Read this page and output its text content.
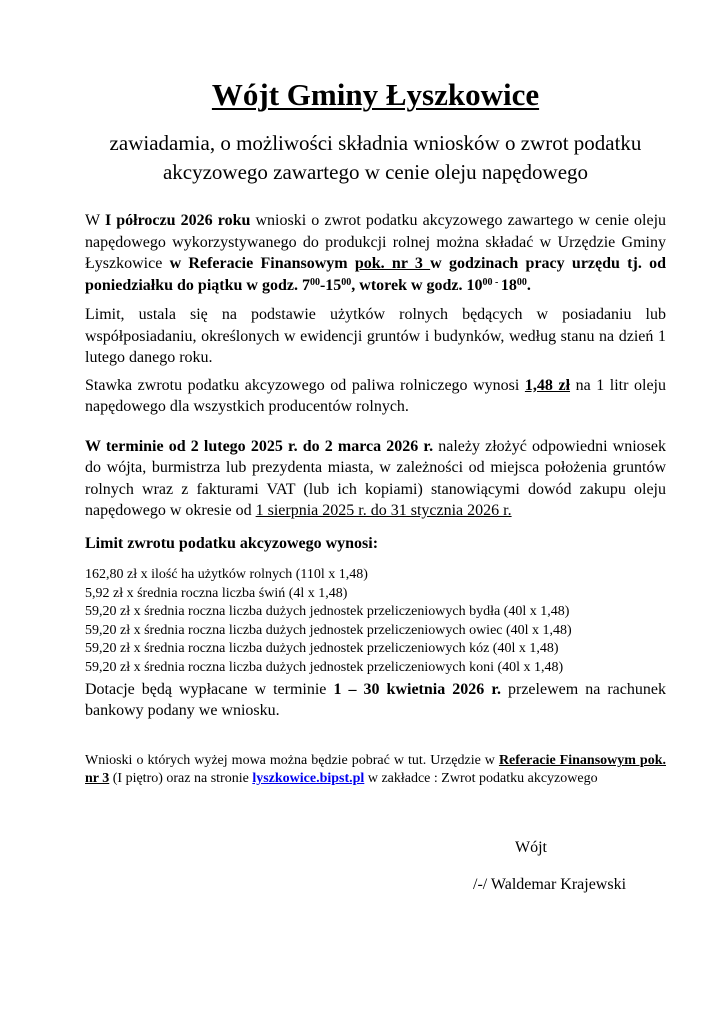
Wójt Gminy Łyszkowice
zawiadamia, o możliwości składnia wniosków o zwrot podatku akcyzowego zawartego w cenie oleju napędowego

W I półroczu 2026 roku wnioski o zwrot podatku akcyzowego zawartego w cenie oleju napędowego wykorzystywanego do produkcji rolnej można składać w Urzędzie Gminy Łyszkowice w Referacie Finansowym pok. nr 3 w godzinach pracy urzędu tj. od poniedziałku do piątku w godz. $7^{00}-15^{00}$, wtorek w godz. $10^{00 -}$ $18^{00}$.

Limit, ustala się na podstawie użytków rolnych będących w posiadaniu lub współposiadaniu, określonych w ewidencji gruntów i budynków, według stanu na dzień 1 lutego danego roku.

Stawka zwrotu podatku akcyzowego od paliwa rolniczego wynosi 1,48 zł na 1 litr oleju napędowego dla wszystkich producentów rolnych.

W terminie od 2 lutego 2025 r. do 2 marca 2026 r. należy złożyć odpowiedni wniosek do wójta, burmistrza lub prezydenta miasta, w zależności od miejsca położenia gruntów rolnych wraz z fakturami VAT (lub ich kopiami) stanowiącymi dowód zakupu oleju napędowego w okresie od 1 sierpnia 2025 r. do 31 stycznia 2026 r.

Limit zwrotu podatku akcyzowego wynosi:
162,80 zł x ilość ha użytków rolnych (110l x 1,48)
5,92 zł x średnia roczna liczba świń (4l x 1,48)
59,20 zł x średnia roczna liczba dużych jednostek przeliczeniowych bydła (40l x 1,48)
59,20 zł x średnia roczna liczba dużych jednostek przeliczeniowych owiec (40l x 1,48)
59,20 zł x średnia roczna liczba dużych jednostek przeliczeniowych kóz (40l x 1,48)
59,20 zł x średnia roczna liczba dużych jednostek przeliczeniowych koni (40l x 1,48)

Dotacje będą wypłacane w terminie 1 – 30 kwietnia 2026 r. przelewem na rachunek bankowy podany we wniosku.

Wnioski o których wyżej mowa można będzie pobrać w tut. Urzędzie w Referacie Finansowym pok. nr 3 (I piętro) oraz na stronie lyszkowice.bipst.pl w zakładce : Zwrot podatku akcyzowego

Wójt
/-/ Waldemar Krajewski
